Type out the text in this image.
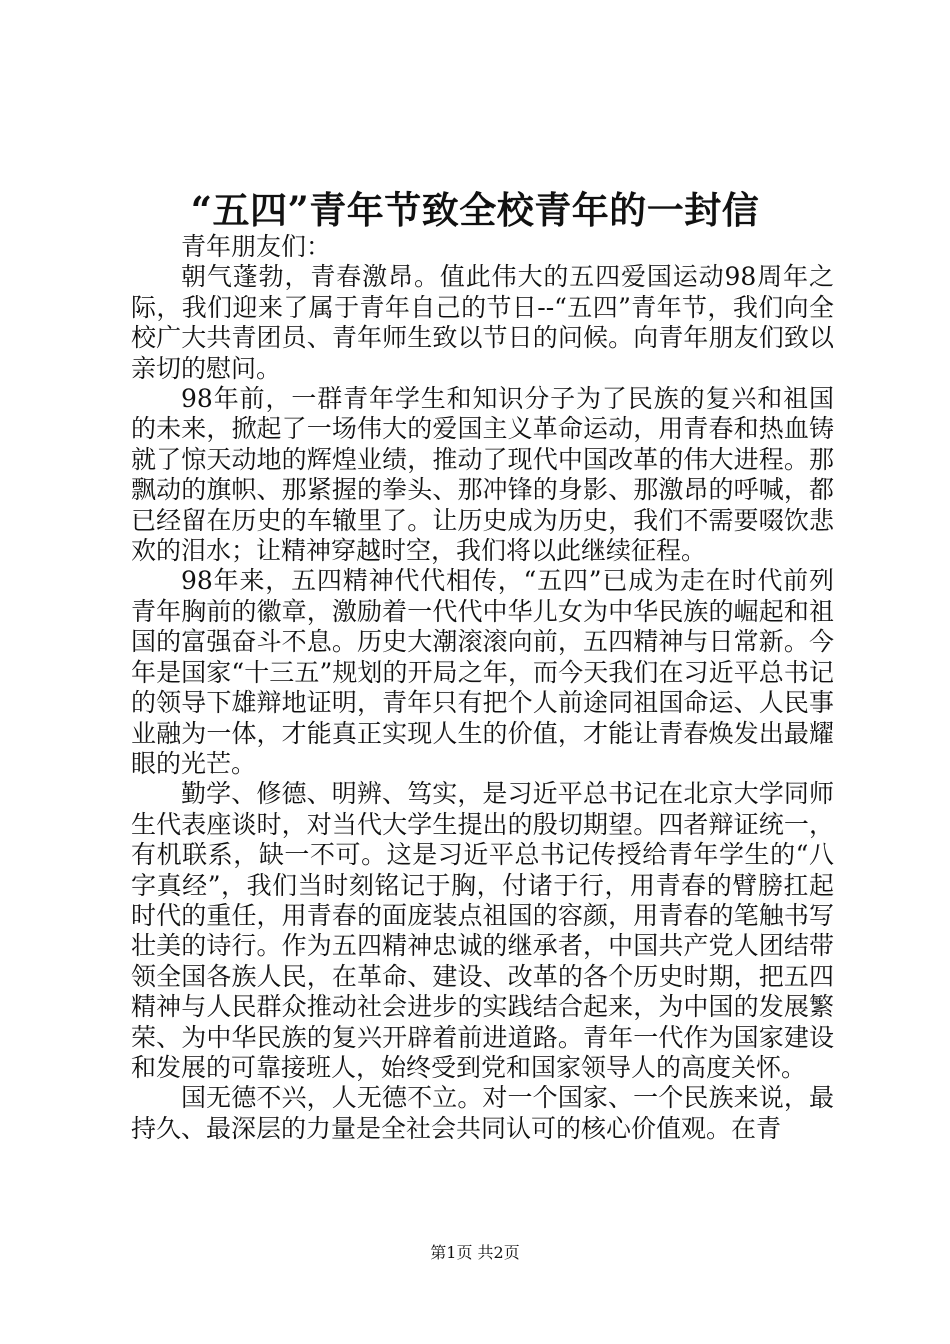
“五四”青年节致全校青年的一封信

青年朋友们：

朝气蓬勃，青春激昂。值此伟大的五四爱国运动98周年之际，我们迎来了属于青年自己的节日--“五四”青年节，我们向全校广大共青团员、青年师生致以节日的问候。向青年朋友们致以亲切的慰问。

98年前，一群青年学生和知识分子为了民族的复兴和祖国的未来，掀起了一场伟大的爱国主义革命运动，用青春和热血铸就了惊天动地的辉煌业绩，推动了现代中国改革的伟大进程。那飘动的旗帜、那紧握的拳头、那冲锋的身影、那激昂的呼喊，都已经留在历史的车辙里了。让历史成为历史，我们不需要啜饮悲欢的泪水；让精神穿越时空，我们将以此继续征程。

98年来，五四精神代代相传，“五四”已成为走在时代前列青年胸前的徽章，激励着一代代中华儿女为中华民族的崛起和祖国的富强奋斗不息。历史大潮滚滚向前，五四精神与日常新。今年是国家“十三五”规划的开局之年，而今天我们在习近平总书记的领导下雄辩地证明，青年只有把个人前途同祖国命运、人民事业融为一体，才能真正实现人生的价值，才能让青春焕发出最耀眼的光芒。

勤学、修德、明辨、笃实，是习近平总书记在北京大学同师生代表座谈时，对当代大学生提出的殷切期望。四者辩证统一，有机联系，缺一不可。这是习近平总书记传授给青年学生的“八字真经”，我们当时刻铭记于胸，付诸于行，用青春的臂膀扛起时代的重任，用青春的面庞装点祖国的容颜，用青春的笔触书写壮美的诗行。作为五四精神忠诚的继承者，中国共产党人团结带领全国各族人民，在革命、建设、改革的各个历史时期，把五四精神与人民群众推动社会进步的实践结合起来，为中国的发展繁荣、为中华民族的复兴开辟着前进道路。青年一代作为国家建设和发展的可靠接班人，始终受到党和国家领导人的高度关怀。

国无德不兴，人无德不立。对一个国家、一个民族来说，最持久、最深层的力量是全社会共同认可的核心价值观。在青

第1页 共2页
